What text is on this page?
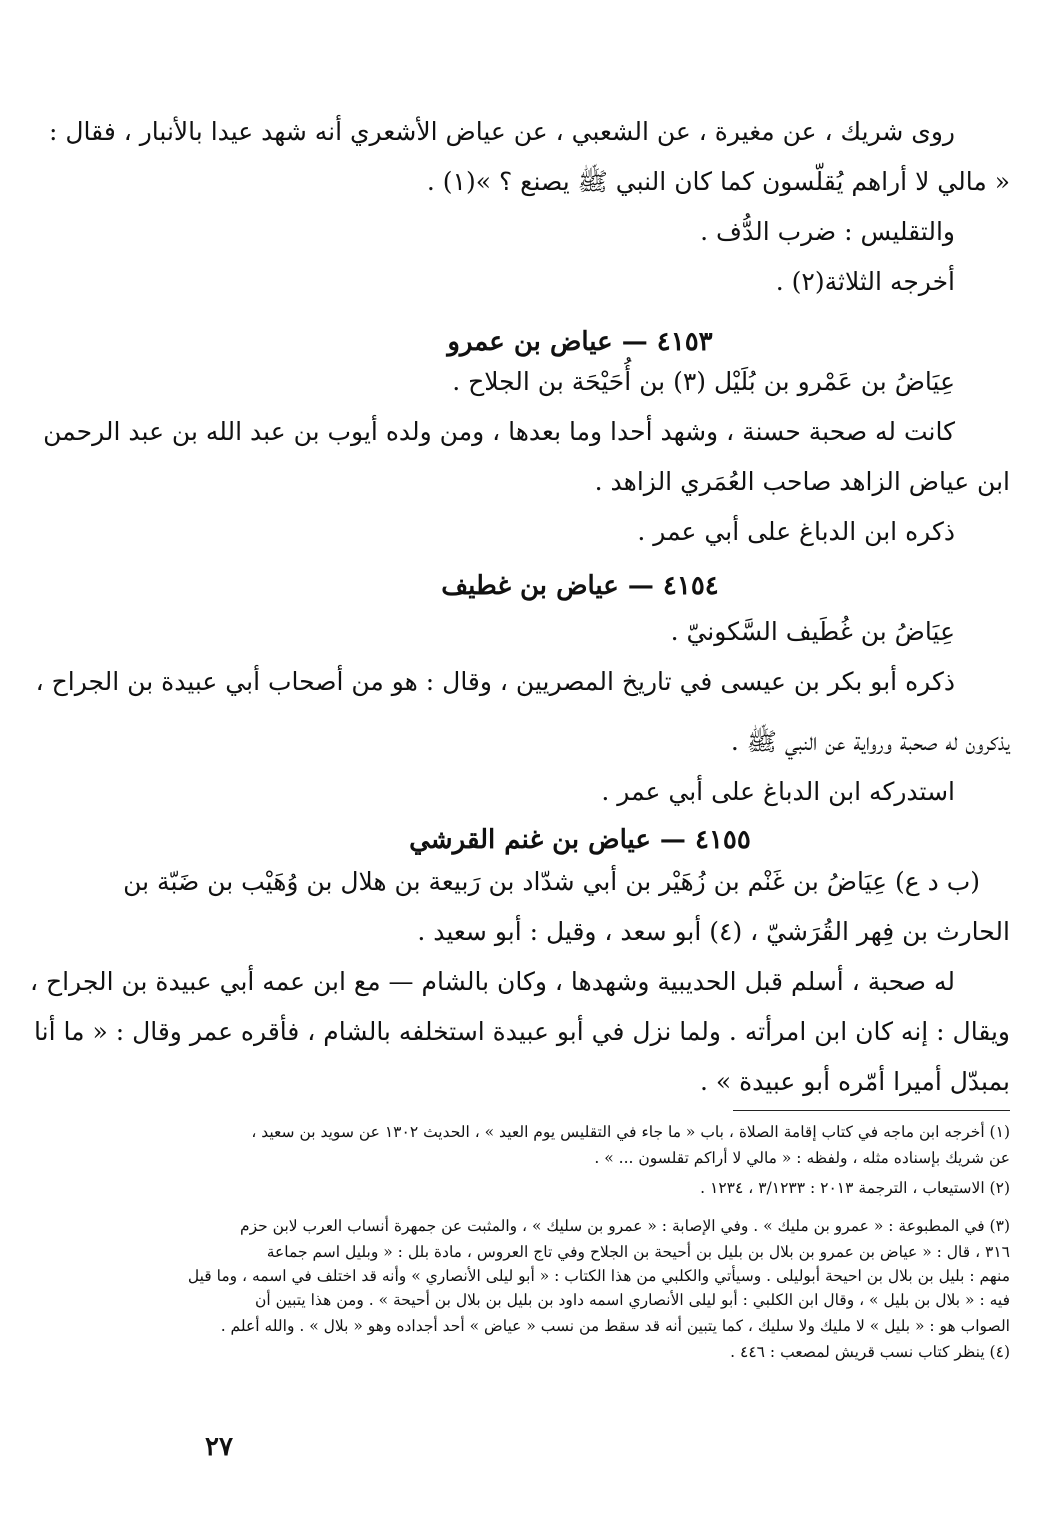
روى شريك ، عن مغيرة ، عن الشعبي ، عن عياض الأشعري أنه شهد عيدا بالأنبار ، فقال :
« مالي لا أراهم يُقلّسون كما كان النبي ﷺ يصنع ؟ »(١) .
والتقليس : ضرب الدُّف .
أخرجه الثلاثة(٢) .
٤١٥٣ — عياض بن عمرو
عِيَاضُ بن عَمْرو بن بُلَيْل (٣) بن أُحَيْحَة بن الجلاح .
كانت له صحبة حسنة ، وشهد أحدا وما بعدها ، ومن ولده أيوب بن عبد الله بن عبد الرحمن
ابن عياض الزاهد صاحب العُمَري الزاهد .
ذكره ابن الدباغ على أبي عمر .
٤١٥٤ — عياض بن غطيف
عِيَاضُ بن غُطَيف السَّكونيّ .
ذكره أبو بكر بن عيسى في تاريخ المصريين ، وقال : هو من أصحاب أبي عبيدة بن الجراح ،
يذكرون له صحبة ورواية عن النبي ﷺ .
استدركه ابن الدباغ على أبي عمر .
٤١٥٥ — عياض بن غنم القرشي
(ب د ع) عِيَاضُ بن غَنْم بن زُهَيْر بن أبي شدّاد بن رَبيعة بن هلال بن وُهَيْب بن ضَبّة بن
الحارث بن فِهر القُرَشيّ ، (٤) أبو سعد ، وقيل : أبو سعيد .
له صحبة ، أسلم قبل الحديبية وشهدها ، وكان بالشام — مع ابن عمه أبي عبيدة بن الجراح ،
ويقال : إنه كان ابن امرأته . ولما نزل في أبو عبيدة استخلفه بالشام ، فأقره عمر وقال : « ما أنا
بمبدّل أميرا أمّره أبو عبيدة » .
(١) أخرجه ابن ماجه في كتاب إقامة الصلاة ، باب « ما جاء في التقليس يوم العيد » ، الحديث ١٣٠٢ عن سويد بن سعيد ،
عن شريك بإسناده مثله ، ولفظه : « مالي لا أراكم تقلسون ... » .
(٢) الاستيعاب ، الترجمة ٢٠١٣ : ٣/١٢٣٣ ، ١٢٣٤ .
(٣) في المطبوعة : « عمرو بن مليك » . وفي الإصابة : « عمرو بن سليك » ، والمثبت عن جمهرة أنساب العرب لابن حزم
٣١٦ ، قال : « عياض بن عمرو بن بلال بن بليل بن أحيحة بن الجلاح وفي تاج العروس ، مادة بلل : « وبليل اسم جماعة
منهم : بليل بن بلال بن احيحة أبوليلى . وسيأتي والكلبي من هذا الكتاب : « أبو ليلى الأنصاري » وأنه قد اختلف في اسمه ، وما قيل
فيه : « بلال بن بليل » ، وقال ابن الكلبي : أبو ليلى الأنصاري اسمه داود بن بليل بن بلال بن أحيحة » . ومن هذا يتبين أن
الصواب هو : « بليل » لا مليك ولا سليك ، كما يتبين أنه قد سقط من نسب « عياض » أحد أجداده وهو « بلال » . والله أعلم .
(٤) ينظر كتاب نسب قريش لمصعب : ٤٤٦ .
٢٧
